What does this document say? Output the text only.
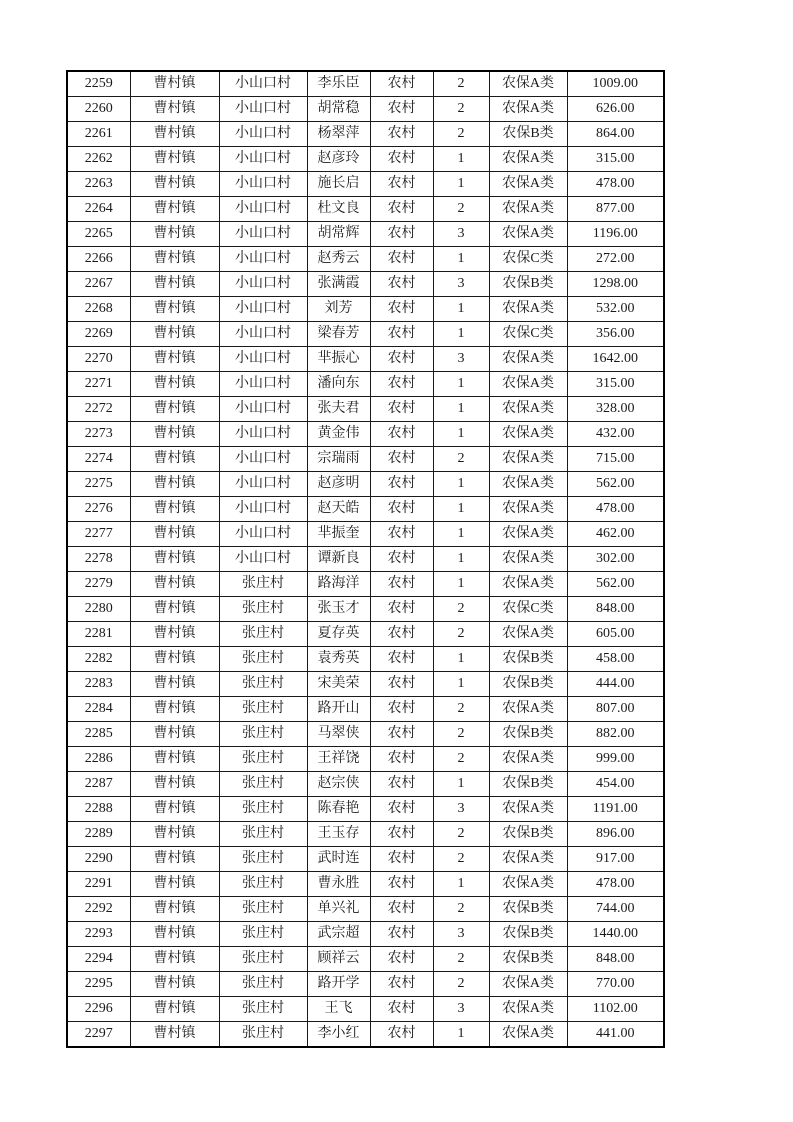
2259	曹村镇	小山口村	李乐臣	农村	2	农保A类	1009.00
2260	曹村镇	小山口村	胡常稳	农村	2	农保A类	626.00
2261	曹村镇	小山口村	杨翠萍	农村	2	农保B类	864.00
2262	曹村镇	小山口村	赵彦玲	农村	1	农保A类	315.00
2263	曹村镇	小山口村	施长启	农村	1	农保A类	478.00
2264	曹村镇	小山口村	杜文良	农村	2	农保A类	877.00
2265	曹村镇	小山口村	胡常辉	农村	3	农保A类	1196.00
2266	曹村镇	小山口村	赵秀云	农村	1	农保C类	272.00
2267	曹村镇	小山口村	张满霞	农村	3	农保B类	1298.00
2268	曹村镇	小山口村	刘芳	农村	1	农保A类	532.00
2269	曹村镇	小山口村	梁春芳	农村	1	农保C类	356.00
2270	曹村镇	小山口村	芈振心	农村	3	农保A类	1642.00
2271	曹村镇	小山口村	潘向东	农村	1	农保A类	315.00
2272	曹村镇	小山口村	张夫君	农村	1	农保A类	328.00
2273	曹村镇	小山口村	黄金伟	农村	1	农保A类	432.00
2274	曹村镇	小山口村	宗瑞雨	农村	2	农保A类	715.00
2275	曹村镇	小山口村	赵彦明	农村	1	农保A类	562.00
2276	曹村镇	小山口村	赵天皓	农村	1	农保A类	478.00
2277	曹村镇	小山口村	芈振奎	农村	1	农保A类	462.00
2278	曹村镇	小山口村	谭新良	农村	1	农保A类	302.00
2279	曹村镇	张庄村	路海洋	农村	1	农保A类	562.00
2280	曹村镇	张庄村	张玉才	农村	2	农保C类	848.00
2281	曹村镇	张庄村	夏存英	农村	2	农保A类	605.00
2282	曹村镇	张庄村	袁秀英	农村	1	农保B类	458.00
2283	曹村镇	张庄村	宋美荣	农村	1	农保B类	444.00
2284	曹村镇	张庄村	路开山	农村	2	农保A类	807.00
2285	曹村镇	张庄村	马翠侠	农村	2	农保B类	882.00
2286	曹村镇	张庄村	王祥饶	农村	2	农保A类	999.00
2287	曹村镇	张庄村	赵宗侠	农村	1	农保B类	454.00
2288	曹村镇	张庄村	陈春艳	农村	3	农保A类	1191.00
2289	曹村镇	张庄村	王玉存	农村	2	农保B类	896.00
2290	曹村镇	张庄村	武时连	农村	2	农保A类	917.00
2291	曹村镇	张庄村	曹永胜	农村	1	农保A类	478.00
2292	曹村镇	张庄村	单兴礼	农村	2	农保B类	744.00
2293	曹村镇	张庄村	武宗超	农村	3	农保B类	1440.00
2294	曹村镇	张庄村	顾祥云	农村	2	农保B类	848.00
2295	曹村镇	张庄村	路开学	农村	2	农保A类	770.00
2296	曹村镇	张庄村	王飞	农村	3	农保A类	1102.00
2297	曹村镇	张庄村	李小红	农村	1	农保A类	441.00
